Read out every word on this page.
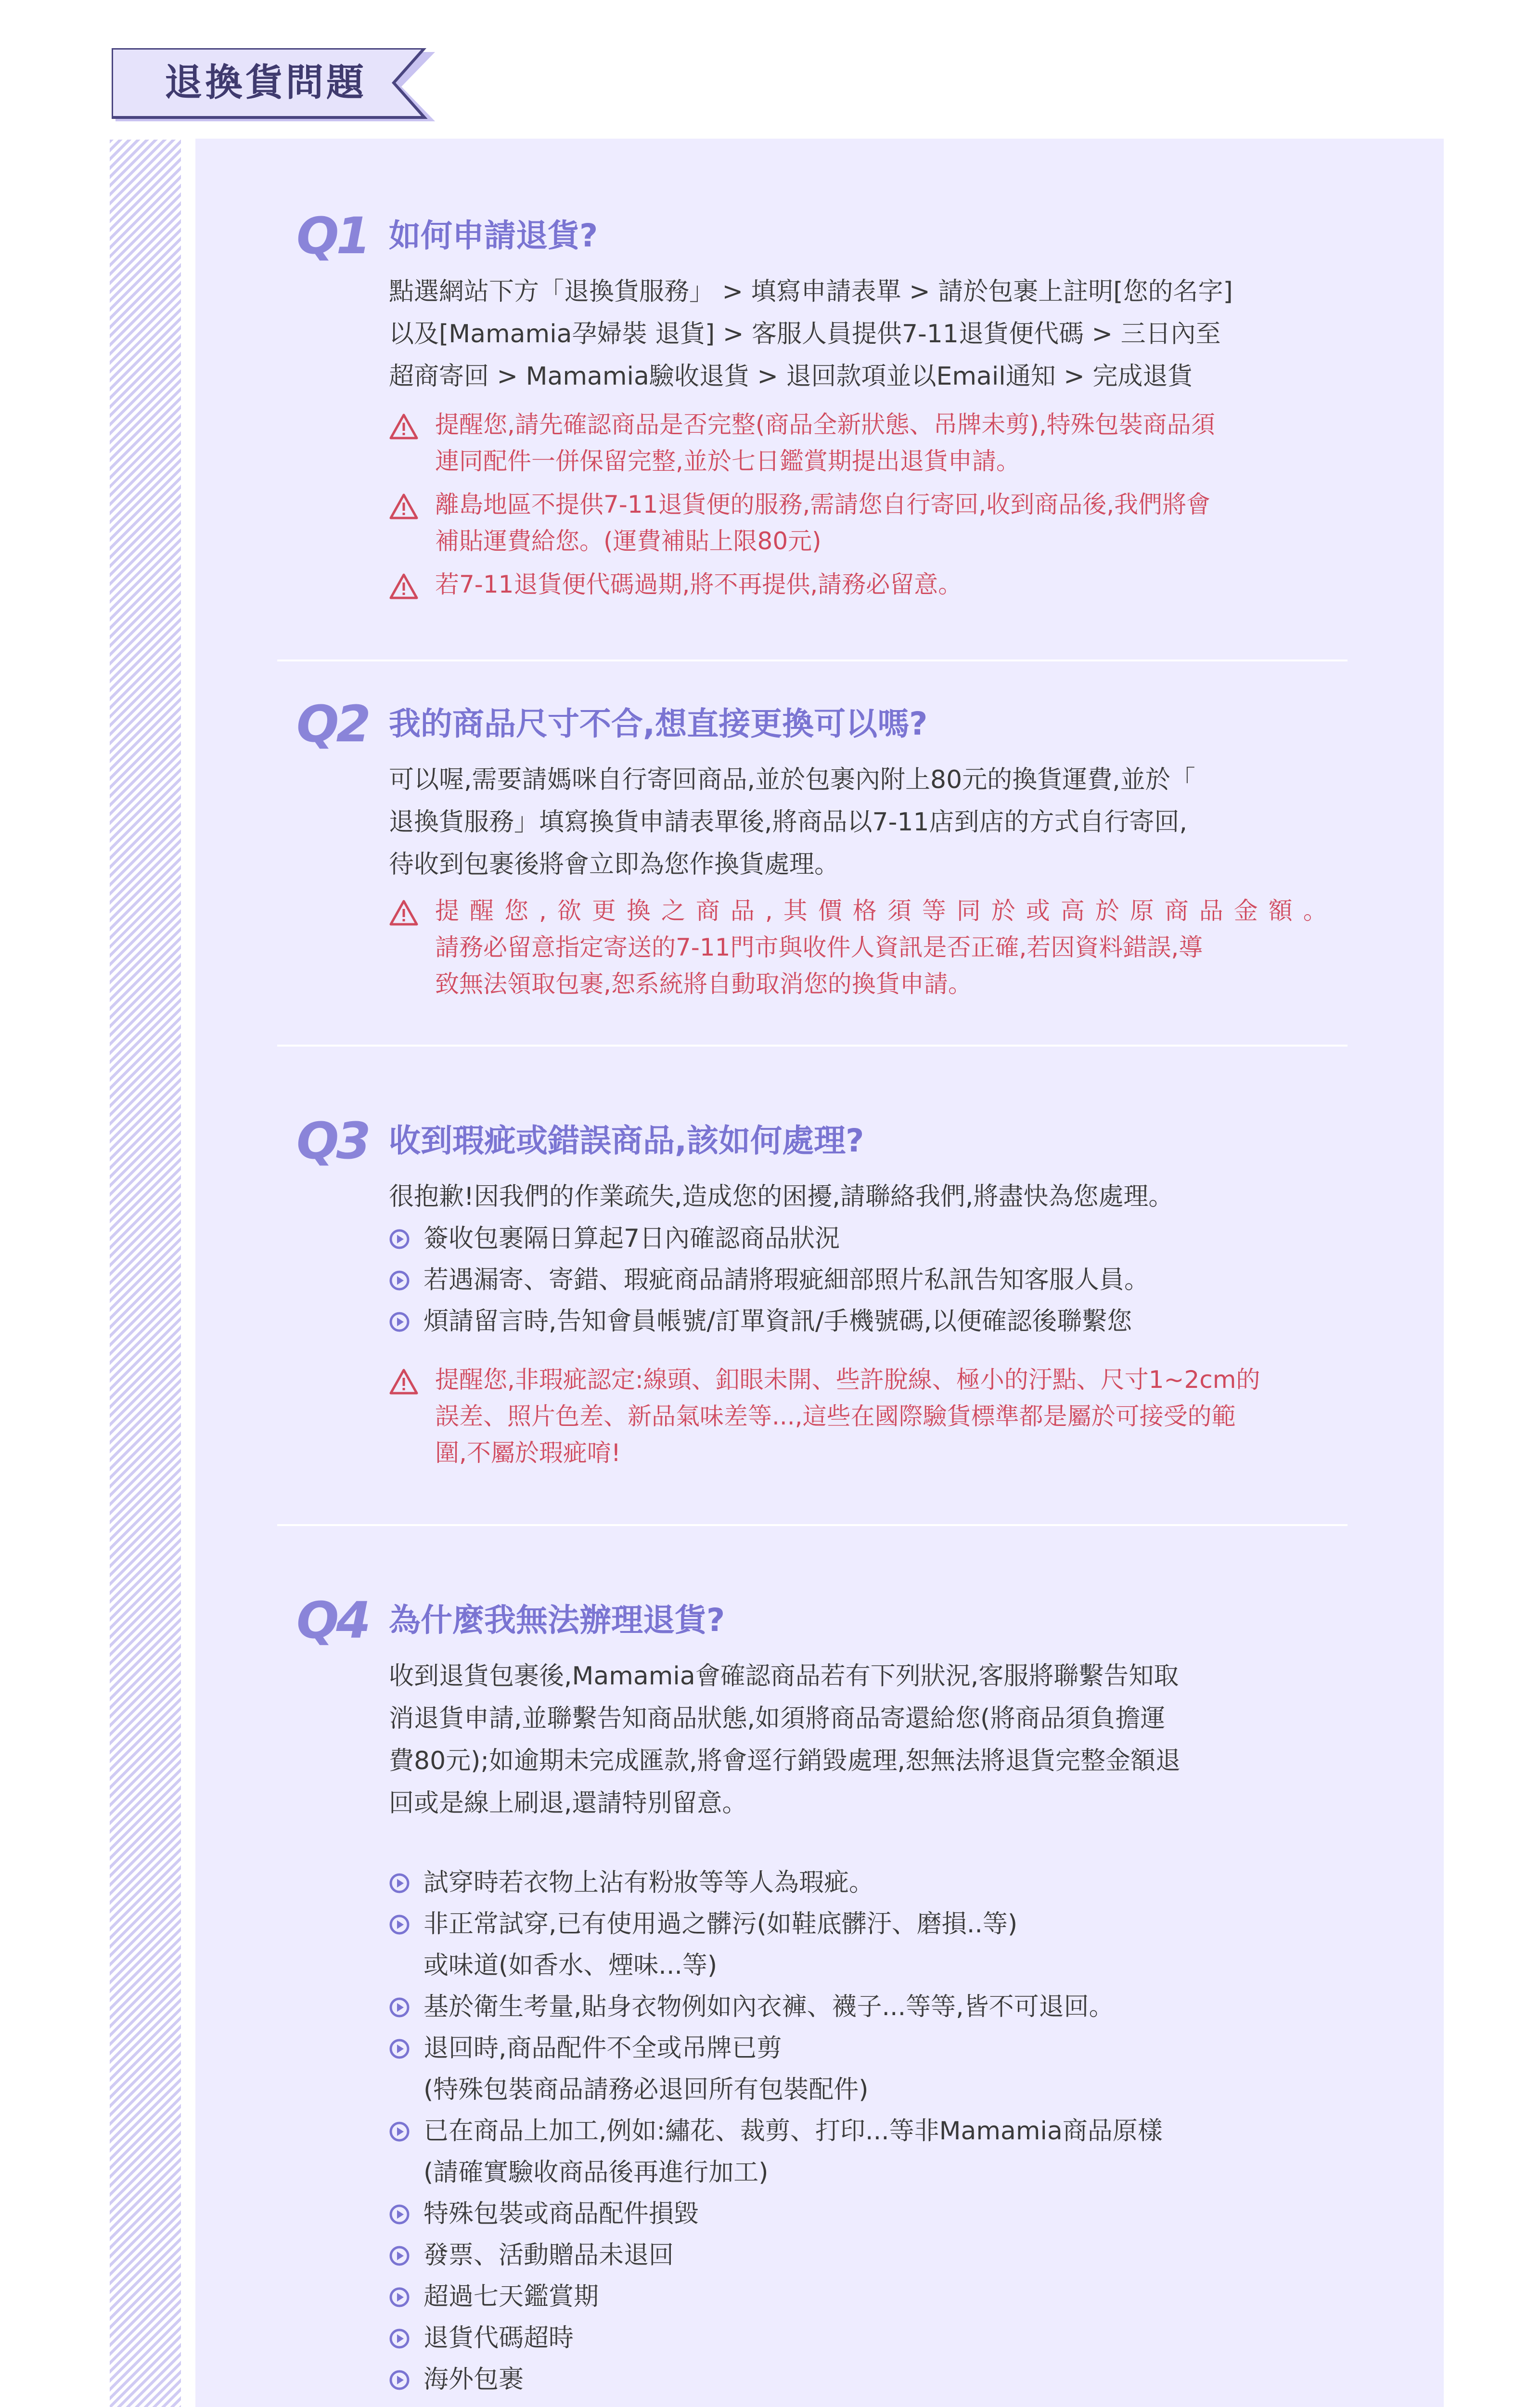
退換貨問題
Q1 如何申請退貨?
點選網站下方「退換貨服務」 > 填寫申請表單 > 請於包裹上註明[您的名字]
以及[Mamamia孕婦裝 退貨] > 客服人員提供7-11退貨便代碼 > 三日內至
超商寄回 > Mamamia驗收退貨 > 退回款項並以Email通知 > 完成退貨

提醒您,請先確認商品是否完整(商品全新狀態、吊牌未剪),特殊包裝商品須

連同配件一併保留完整,並於七日鑑賞期提出退貨申請。

離島地區不提供7-11退貨便的服務,需請您自行寄回,收到商品後,我們將會

補貼運費給您。(運費補貼上限80元)

若7-11退貨便代碼過期,將不再提供,請務必留意。

Q2 我的商品尺寸不合,想直接更換可以嗎?
可以喔,需要請媽咪自行寄回商品,並於包裹內附上80元的換貨運費,並於「
退換貨服務」填寫換貨申請表單後,將商品以7-11店到店的方式自行寄回,
待收到包裹後將會立即為您作換貨處理。

提醒您,欲更換之商品,其價格須等同於或高於原商品金額。

請務必留意指定寄送的7-11門市與收件人資訊是否正確,若因資料錯誤,導

致無法領取包裹,恕系統將自動取消您的換貨申請。

Q3 收到瑕疵或錯誤商品,該如何處理?
很抱歉!因我們的作業疏失,造成您的困擾,請聯絡我們,將盡快為您處理。
簽收包裹隔日算起7日內確認商品狀況
若遇漏寄、寄錯、瑕疵商品請將瑕疵細部照片私訊告知客服人員。
煩請留言時,告知會員帳號/訂單資訊/手機號碼,以便確認後聯繫您

提醒您,非瑕疵認定:線頭、釦眼未開、些許脫線、極小的汙點、尺寸1~2cm的

誤差、照片色差、新品氣味差等...,這些在國際驗貨標準都是屬於可接受的範

圍,不屬於瑕疵唷!

Q4 為什麼我無法辦理退貨?
收到退貨包裹後,Mamamia會確認商品若有下列狀況,客服將聯繫告知取
消退貨申請,並聯繫告知商品狀態,如須將商品寄還給您(將商品須負擔運
費80元);如逾期未完成匯款,將會逕行銷毀處理,恕無法將退貨完整金額退
回或是線上刷退,還請特別留意。
試穿時若衣物上沾有粉妝等等人為瑕疵。
非正常試穿,已有使用過之髒污(如鞋底髒汙、磨損..等)
或味道(如香水、煙味...等)
基於衛生考量,貼身衣物例如內衣褲、襪子...等等,皆不可退回。
退回時,商品配件不全或吊牌已剪
(特殊包裝商品請務必退回所有包裝配件)
已在商品上加工,例如:繡花、裁剪、打印...等非Mamamia商品原樣
(請確實驗收商品後再進行加工)
特殊包裝或商品配件損毀
發票、活動贈品未退回
超過七天鑑賞期
退貨代碼超時
海外包裹
